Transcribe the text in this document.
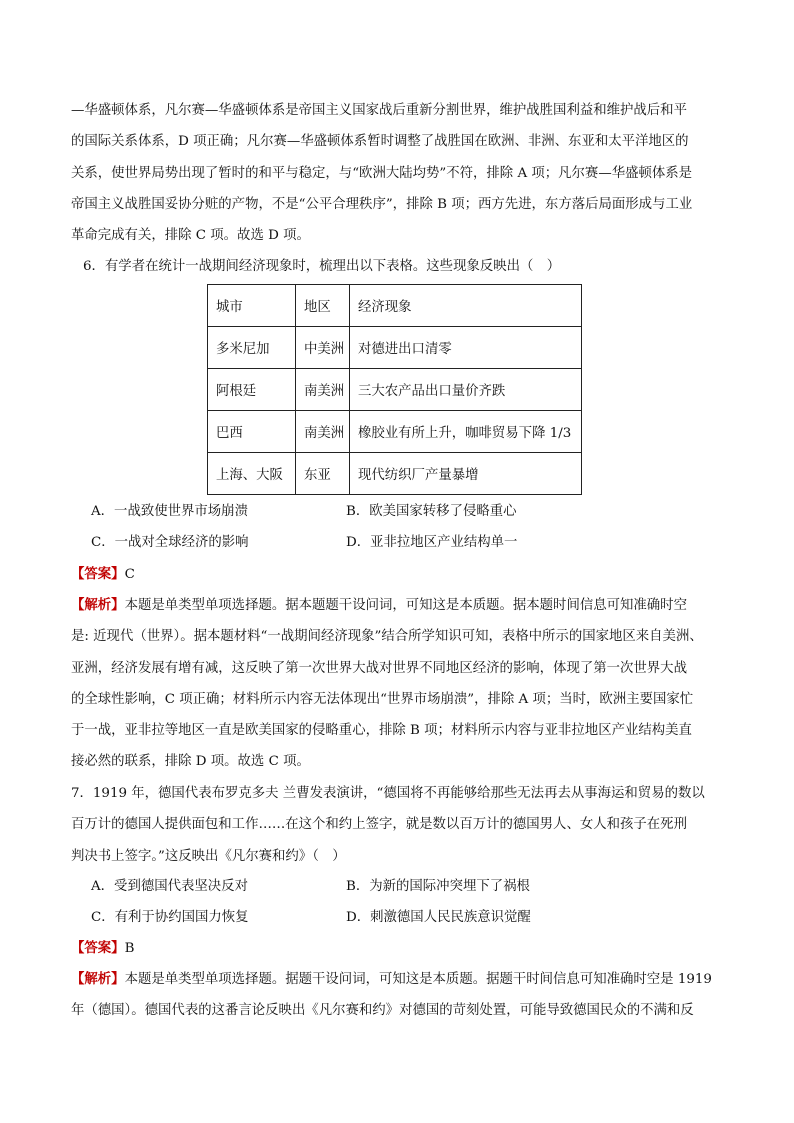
—华盛顿体系，凡尔赛—华盛顿体系是帝国主义国家战后重新分割世界，维护战胜国利益和维护战后和平
的国际关系体系，D 项正确；凡尔赛—华盛顿体系暂时调整了战胜国在欧洲、非洲、东亚和太平洋地区的
关系，使世界局势出现了暂时的和平与稳定，与“欧洲大陆均势”不符，排除 A 项；凡尔赛—华盛顿体系是
帝国主义战胜国妥协分赃的产物，不是“公平合理秩序”，排除 B 项；西方先进，东方落后局面形成与工业
革命完成有关，排除 C 项。故选 D 项。
6．有学者在统计一战期间经济现象时，梳理出以下表格。这些现象反映出（　）
城市	地区	经济现象
多米尼加	中美洲	对德进出口清零
阿根廷	南美洲	三大农产品出口量价齐跌
巴西	南美洲	橡胶业有所上升，咖啡贸易下降 1/3
上海、大阪	东亚	现代纺织厂产量暴增
A．一战致使世界市场崩溃	B．欧美国家转移了侵略重心
C．一战对全球经济的影响	D．亚非拉地区产业结构单一
【答案】C
【解析】本题是单类型单项选择题。据本题题干设问词，可知这是本质题。据本题时间信息可知准确时空
是: 近现代（世界）。据本题材料“一战期间经济现象”结合所学知识可知，表格中所示的国家地区来自美洲、
亚洲，经济发展有增有减，这反映了第一次世界大战对世界不同地区经济的影响，体现了第一次世界大战
的全球性影响，C 项正确；材料所示内容无法体现出“世界市场崩溃”，排除 A 项；当时，欧洲主要国家忙
于一战，亚非拉等地区一直是欧美国家的侵略重心，排除 B 项；材料所示内容与亚非拉地区产业结构美直
接必然的联系，排除 D 项。故选 C 项。
7．1919 年，德国代表布罗克多夫 兰曹发表演讲，“德国将不再能够给那些无法再去从事海运和贸易的数以
百万计的德国人提供面包和工作……在这个和约上签字，就是数以百万计的德国男人、女人和孩子在死刑
判决书上签字。”这反映出《凡尔赛和约》（　）
A．受到德国代表坚决反对	B．为新的国际冲突埋下了祸根
C．有利于协约国国力恢复	D．刺激德国人民民族意识觉醒
【答案】B
【解析】本题是单类型单项选择题。据题干设问词，可知这是本质题。据题干时间信息可知准确时空是 1919
年（德国）。德国代表的这番言论反映出《凡尔赛和约》对德国的苛刻处置，可能导致德国民众的不满和反
